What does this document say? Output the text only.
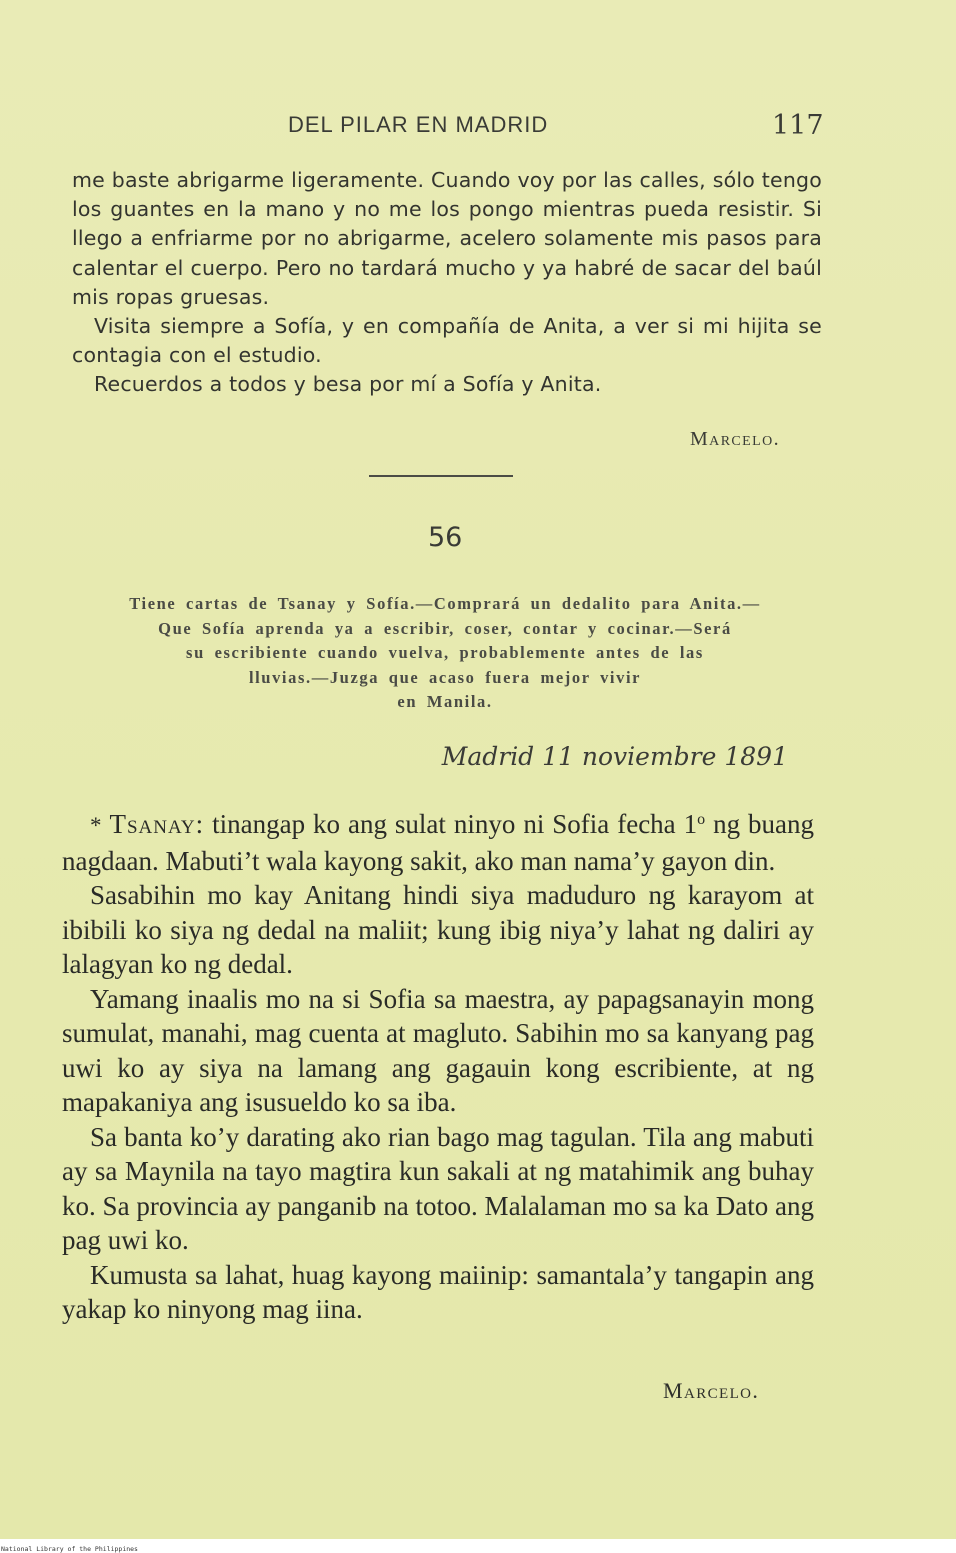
DEL PILAR EN MADRID	117

me baste abrigarme ligeramente. Cuando voy por las calles, sólo tengo los guantes en la mano y no me los pongo mientras pueda resistir. Si llego a enfriarme por no abrigarme, acelero solamente mis pasos para calentar el cuerpo. Pero no tardará mucho y ya habré de sacar del baúl mis ropas gruesas.

Visita siempre a Sofía, y en compañía de Anita, a ver si mi hijita se contagia con el estudio.

Recuerdos a todos y besa por mí a Sofía y Anita.

Marcelo.
56
Tiene cartas de Tsanay y Sofía.—Comprará un dedalito para Anita.—
Que Sofía aprenda ya a escribir, coser, contar y cocinar.—Será
su escribiente cuando vuelva, probablemente antes de las
lluvias.—Juzga que acaso fuera mejor vivir
en Manila.
Madrid 11 noviembre 1891

* Tsanay: tinangap ko ang sulat ninyo ni Sofia fecha 1$^o$ ng buang nagdaan. Mabuti’t wala kayong sakit, ako man nama’y gayon din.

Sasabihin mo kay Anitang hindi siya maduduro ng karayom at ibibili ko siya ng dedal na maliit; kung ibig niya’y lahat ng daliri ay lalagyan ko ng dedal.

Yamang inaalis mo na si Sofia sa maestra, ay papagsanayin mong sumulat, manahi, mag cuenta at magluto. Sabihin mo sa kanyang pag uwi ko ay siya na lamang ang gagauin kong escribiente, at ng mapakaniya ang isusueldo ko sa iba.

Sa banta ko’y darating ako rian bago mag tagulan. Tila ang mabuti ay sa Maynila na tayo magtira kun sakali at ng matahimik ang buhay ko. Sa provincia ay panganib na totoo. Malalaman mo sa ka Dato ang pag uwi ko.

Kumusta sa lahat, huag kayong maiinip: samantala’y tangapin ang yakap ko ninyong mag iina.

Marcelo.
National Library of the Philippines
